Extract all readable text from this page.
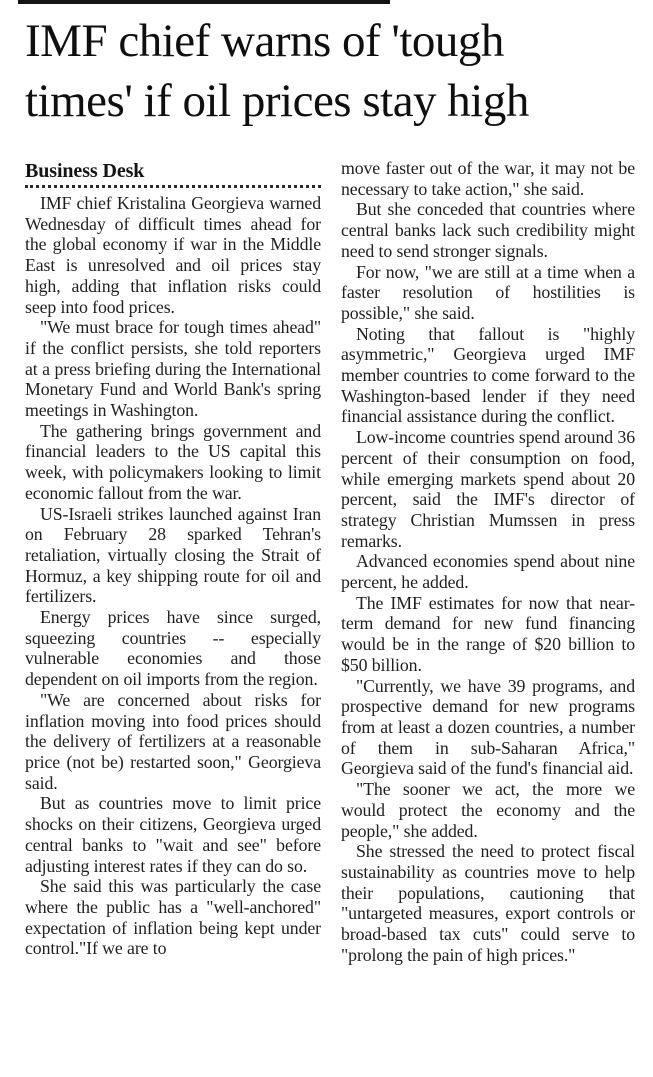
IMF chief warns of 'tough
times' if oil prices stay high
Business Desk
IMF chief Kristalina Georgieva warned Wednesday of difficult times ahead for the global economy if war in the Middle East is unresolved and oil prices stay high, adding that inflation risks could seep into food prices.
"We must brace for tough times ahead" if the conflict persists, she told reporters at a press briefing during the International Monetary Fund and World Bank's spring meetings in Washington.
The gathering brings government and financial leaders to the US capital this week, with policymakers looking to limit economic fallout from the war.
US-Israeli strikes launched against Iran on February 28 sparked Tehran's retaliation, virtually closing the Strait of Hormuz, a key shipping route for oil and fertilizers.
Energy prices have since surged, squeezing countries -- especially vulnerable economies and those dependent on oil imports from the region.
"We are concerned about risks for inflation moving into food prices should the delivery of fertilizers at a reasonable price (not be) restarted soon," Georgieva said.
But as countries move to limit price shocks on their citizens, Georgieva urged central banks to "wait and see" before adjusting interest rates if they can do so.
She said this was particularly the case where the public has a "well-anchored" expectation of inflation being kept under control."If we are to
move faster out of the war, it may not be necessary to take action," she said.
But she conceded that countries where central banks lack such credibility might need to send stronger signals.
For now, "we are still at a time when a faster resolution of hostilities is possible," she said.
Noting that fallout is "highly asymmetric," Georgieva urged IMF member countries to come forward to the Washington-based lender if they need financial assistance during the conflict.
Low-income countries spend around 36 percent of their consumption on food, while emerging markets spend about 20 percent, said the IMF's director of strategy Christian Mumssen in press remarks.
Advanced economies spend about nine percent, he added.
The IMF estimates for now that near-term demand for new fund financing would be in the range of $20 billion to $50 billion.
"Currently, we have 39 programs, and prospective demand for new programs from at least a dozen countries, a number of them in sub-Saharan Africa," Georgieva said of the fund's financial aid.
"The sooner we act, the more we would protect the economy and the people," she added.
She stressed the need to protect fiscal sustainability as countries move to help their populations, cautioning that "untargeted measures, export controls or broad-based tax cuts" could serve to "prolong the pain of high prices."
